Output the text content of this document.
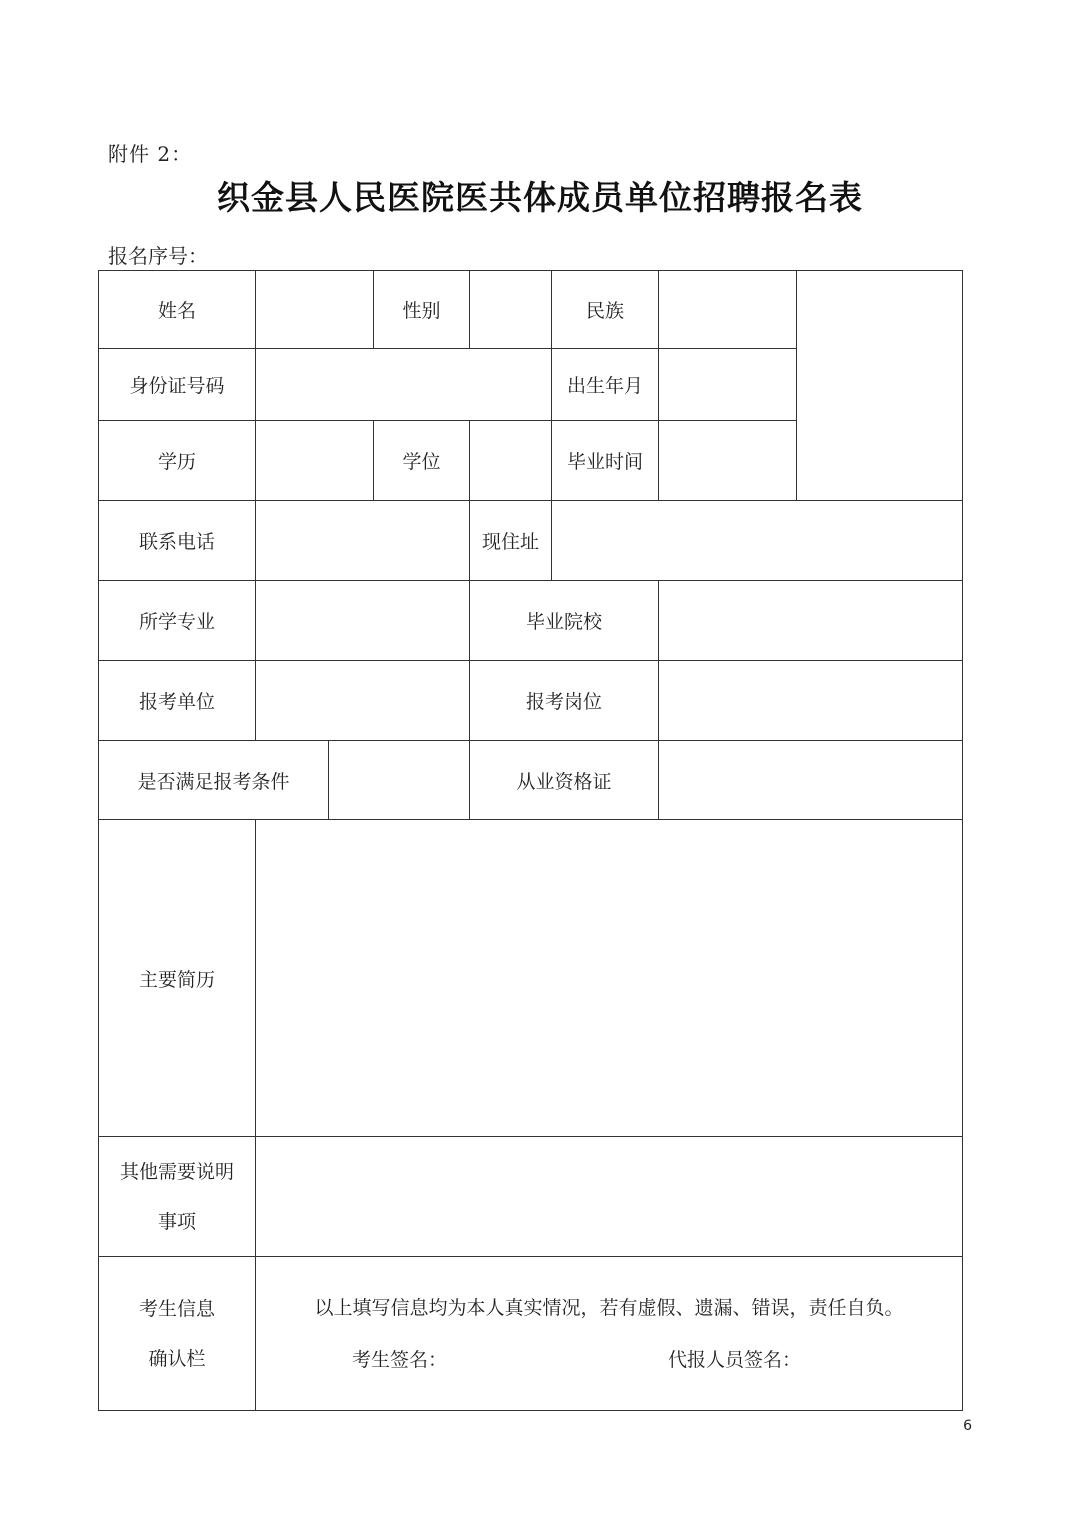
附件 2：
织金县人民医院医共体成员单位招聘报名表
报名序号：
姓名			性别		民族		
身份证号码					出生年月		
学历			学位		毕业时间		
联系电话				现住址			
所学专业				毕业院校			
报考单位				报考岗位			
是否满足报考条件				从业资格证			
主要简历							
其他需要说明
事项							
考生信息
确认栏	以上填写信息均为本人真实情况，若有虚假、遗漏、错误，责任自负。
考生签名： 代报人员签名：						
6
